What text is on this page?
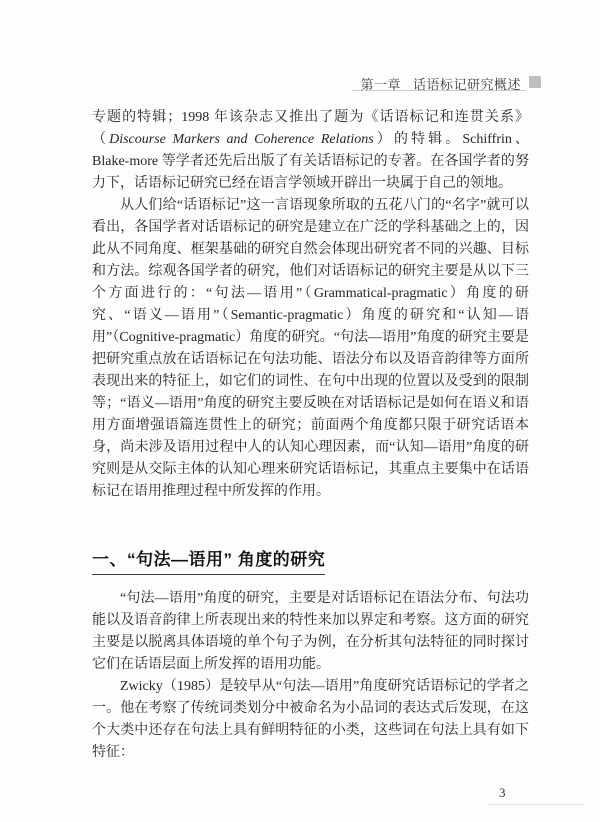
第一章 话语标记研究概述

专题的特辑；1998 年该杂志又推出了题为《话语标记和连贯关系》（Discourse Markers and Coherence Relations）的特辑。Schiffrin、Blake-more 等学者还先后出版了有关话语标记的专著。在各国学者的努力下，话语标记研究已经在语言学领域开辟出一块属于自己的领地。

从人们给“话语标记”这一言语现象所取的五花八门的“名字”就可以看出，各国学者对话语标记的研究是建立在广泛的学科基础之上的，因此从不同角度、框架基础的研究自然会体现出研究者不同的兴趣、目标和方法。综观各国学者的研究，他们对话语标记的研究主要是从以下三个方面进行的：“句法—语用”（Grammatical-pragmatic）角度的研究、“语义—语用”（Semantic-pragmatic）角度的研究和“认知—语用”（Cognitive-pragmatic）角度的研究。“句法—语用”角度的研究主要是把研究重点放在话语标记在句法功能、语法分布以及语音韵律等方面所表现出来的特征上，如它们的词性、在句中出现的位置以及受到的限制等；“语义—语用”角度的研究主要反映在对话语标记是如何在语义和语用方面增强语篇连贯性上的研究；前面两个角度都只限于研究话语本身，尚未涉及语用过程中人的认知心理因素，而“认知—语用”角度的研究则是从交际主体的认知心理来研究话语标记，其重点主要集中在话语标记在语用推理过程中所发挥的作用。

一、“句法—语用” 角度的研究

“句法—语用”角度的研究，主要是对话语标记在语法分布、句法功能以及语音韵律上所表现出来的特性来加以界定和考察。这方面的研究主要是以脱离具体语境的单个句子为例，在分析其句法特征的同时探讨它们在话语层面上所发挥的语用功能。

Zwicky（1985）是较早从“句法—语用”角度研究话语标记的学者之一。他在考察了传统词类划分中被命名为小品词的表达式后发现，在这个大类中还存在句法上具有鲜明特征的小类，这些词在句法上具有如下特征：

3
